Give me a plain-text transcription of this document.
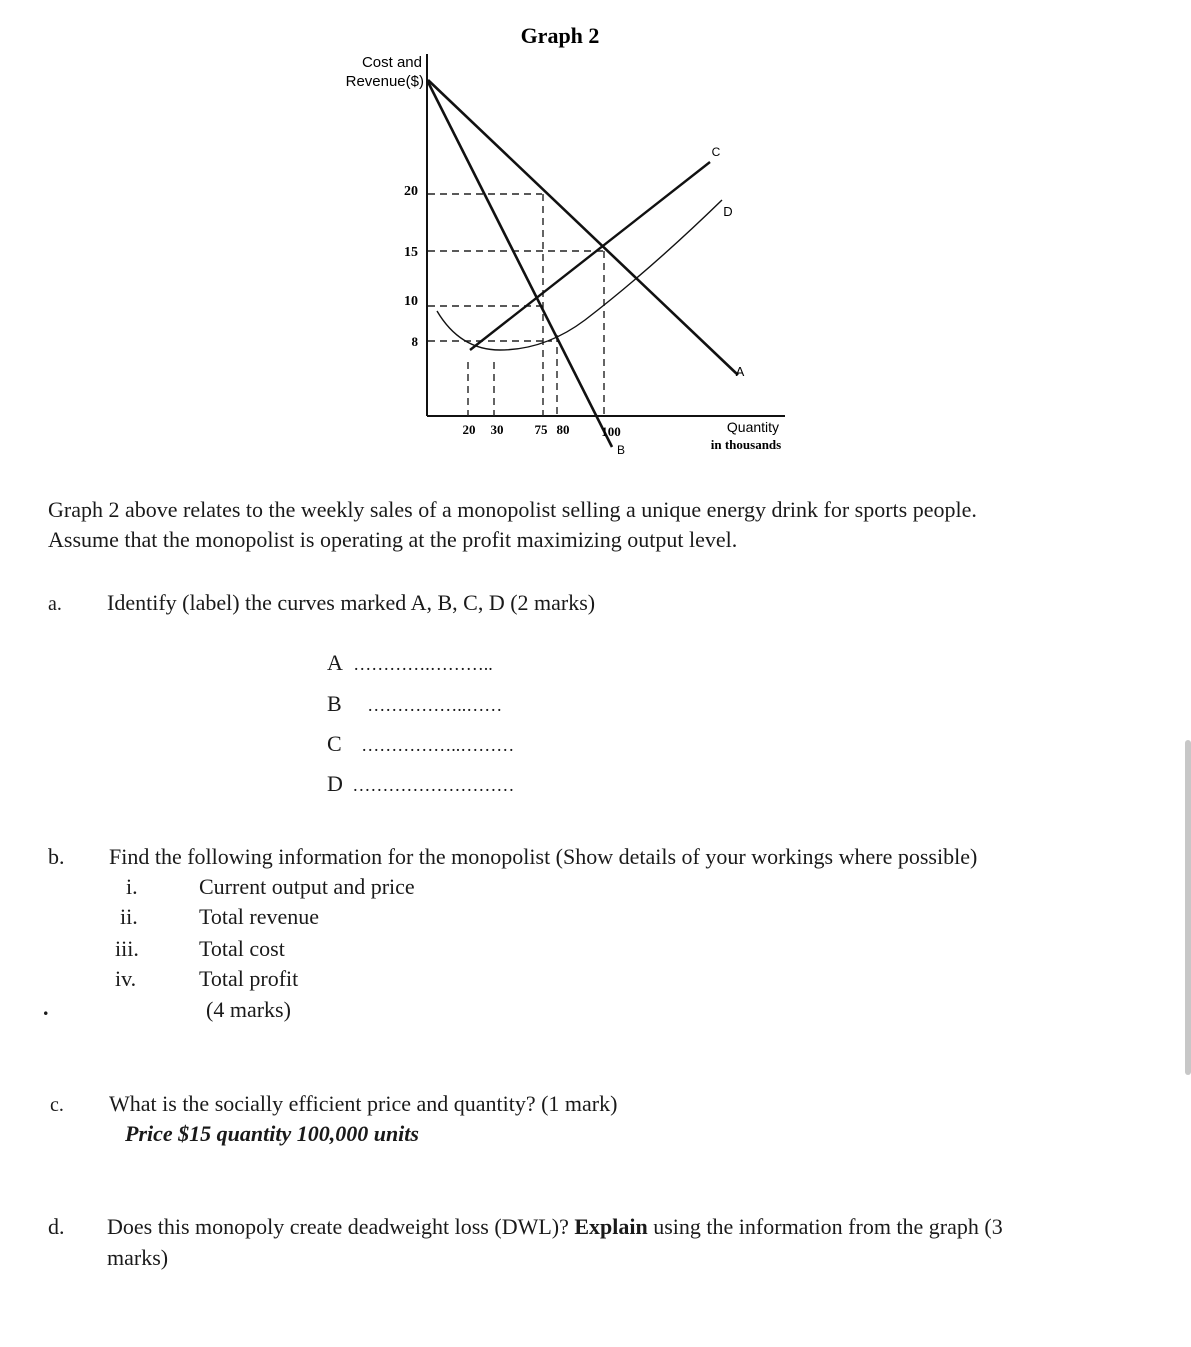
Graph 2
Cost and
Revenue($)
20
15
10
8
C
D
A
B
20 30 75 80 100	Quantity
in thousands
Graph 2 above relates to the weekly sales of a monopolist selling a unique energy drink for sports people.
Assume that the monopolist is operating at the profit maximizing output level.
a. Identify (label) the curves marked A, B, C, D (2 marks)
A ………….………..
B ……………..……
C ……………..………
D ………………………
b. Find the following information for the monopolist (Show details of your workings where possible)
i.	Current output and price
ii.	Total revenue
iii.	Total cost
iv.	Total profit
.	(4 marks)
c. What is the socially efficient price and quantity? (1 mark)
Price $15 quantity 100,000 units
d. Does this monopoly create deadweight loss (DWL)? Explain using the information from the graph (3
marks)
